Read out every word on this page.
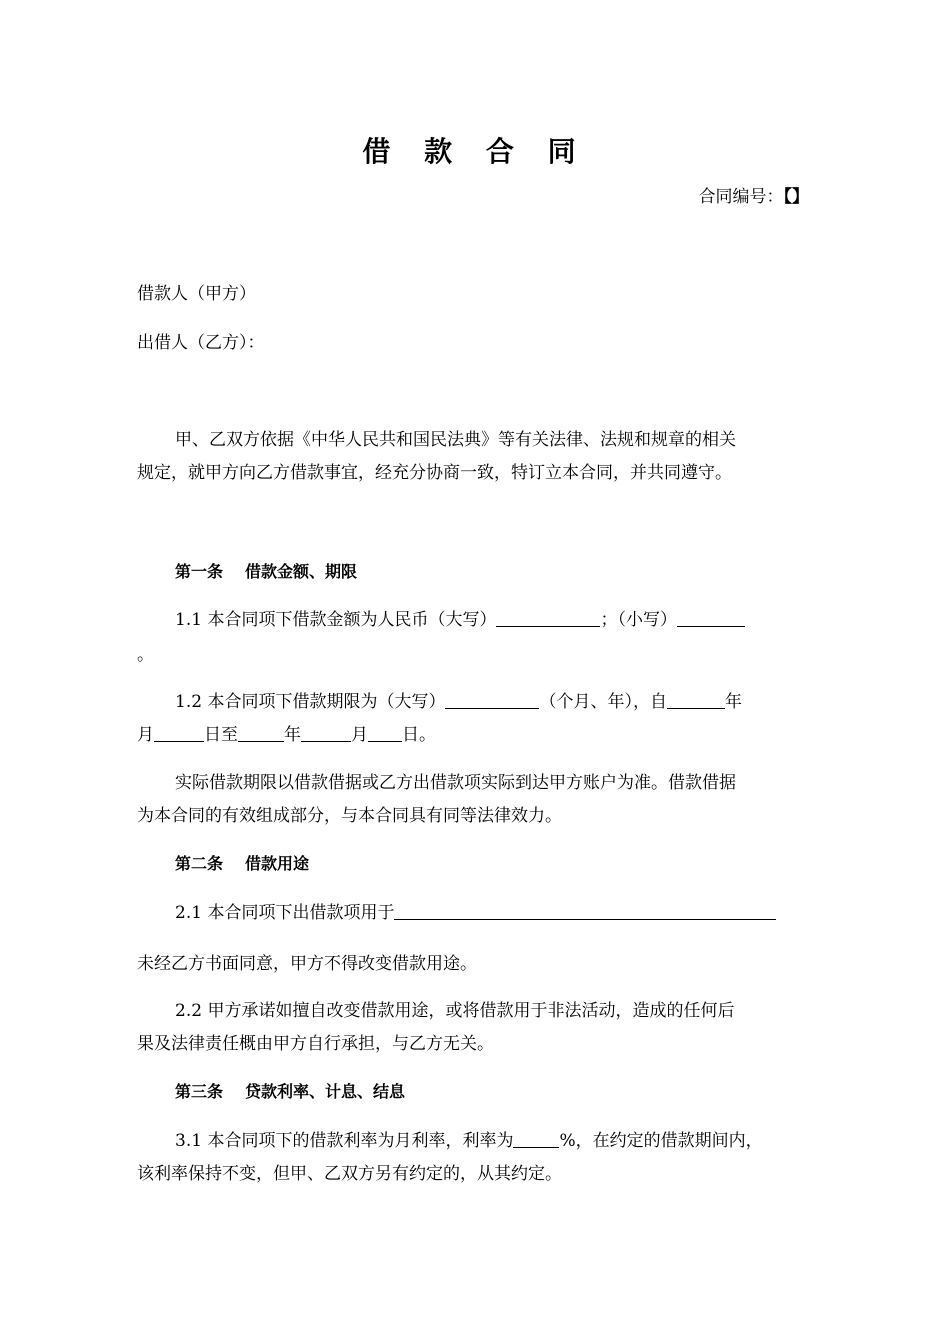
借 款 合 同
合同编号：【】
借款人（甲方）
出借人（乙方）：
甲、乙双方依据《中华人民共和国民法典》等有关法律、法规和规章的相关
规定，就甲方向乙方借款事宜，经充分协商一致，特订立本合同，并共同遵守。
第一条 借款金额、期限
1.1 本合同项下借款金额为人民币（大写）	；（小写）
。
1.2 本合同项下借款期限为（大写）	（个月、年），自	年
月	日至	年	月 日。
实际借款期限以借款借据或乙方出借款项实际到达甲方账户为准。借款借据
为本合同的有效组成部分，与本合同具有同等法律效力。
第二条 借款用途
2.1 本合同项下出借款项用于
未经乙方书面同意，甲方不得改变借款用途。
2.2 甲方承诺如擅自改变借款用途，或将借款用于非法活动，造成的任何后
果及法律责任概由甲方自行承担，与乙方无关。
第三条 贷款利率、计息、结息
3.1 本合同项下的借款利率为月利率，利率为	%，在约定的借款期间内，
该利率保持不变，但甲、乙双方另有约定的，从其约定。
